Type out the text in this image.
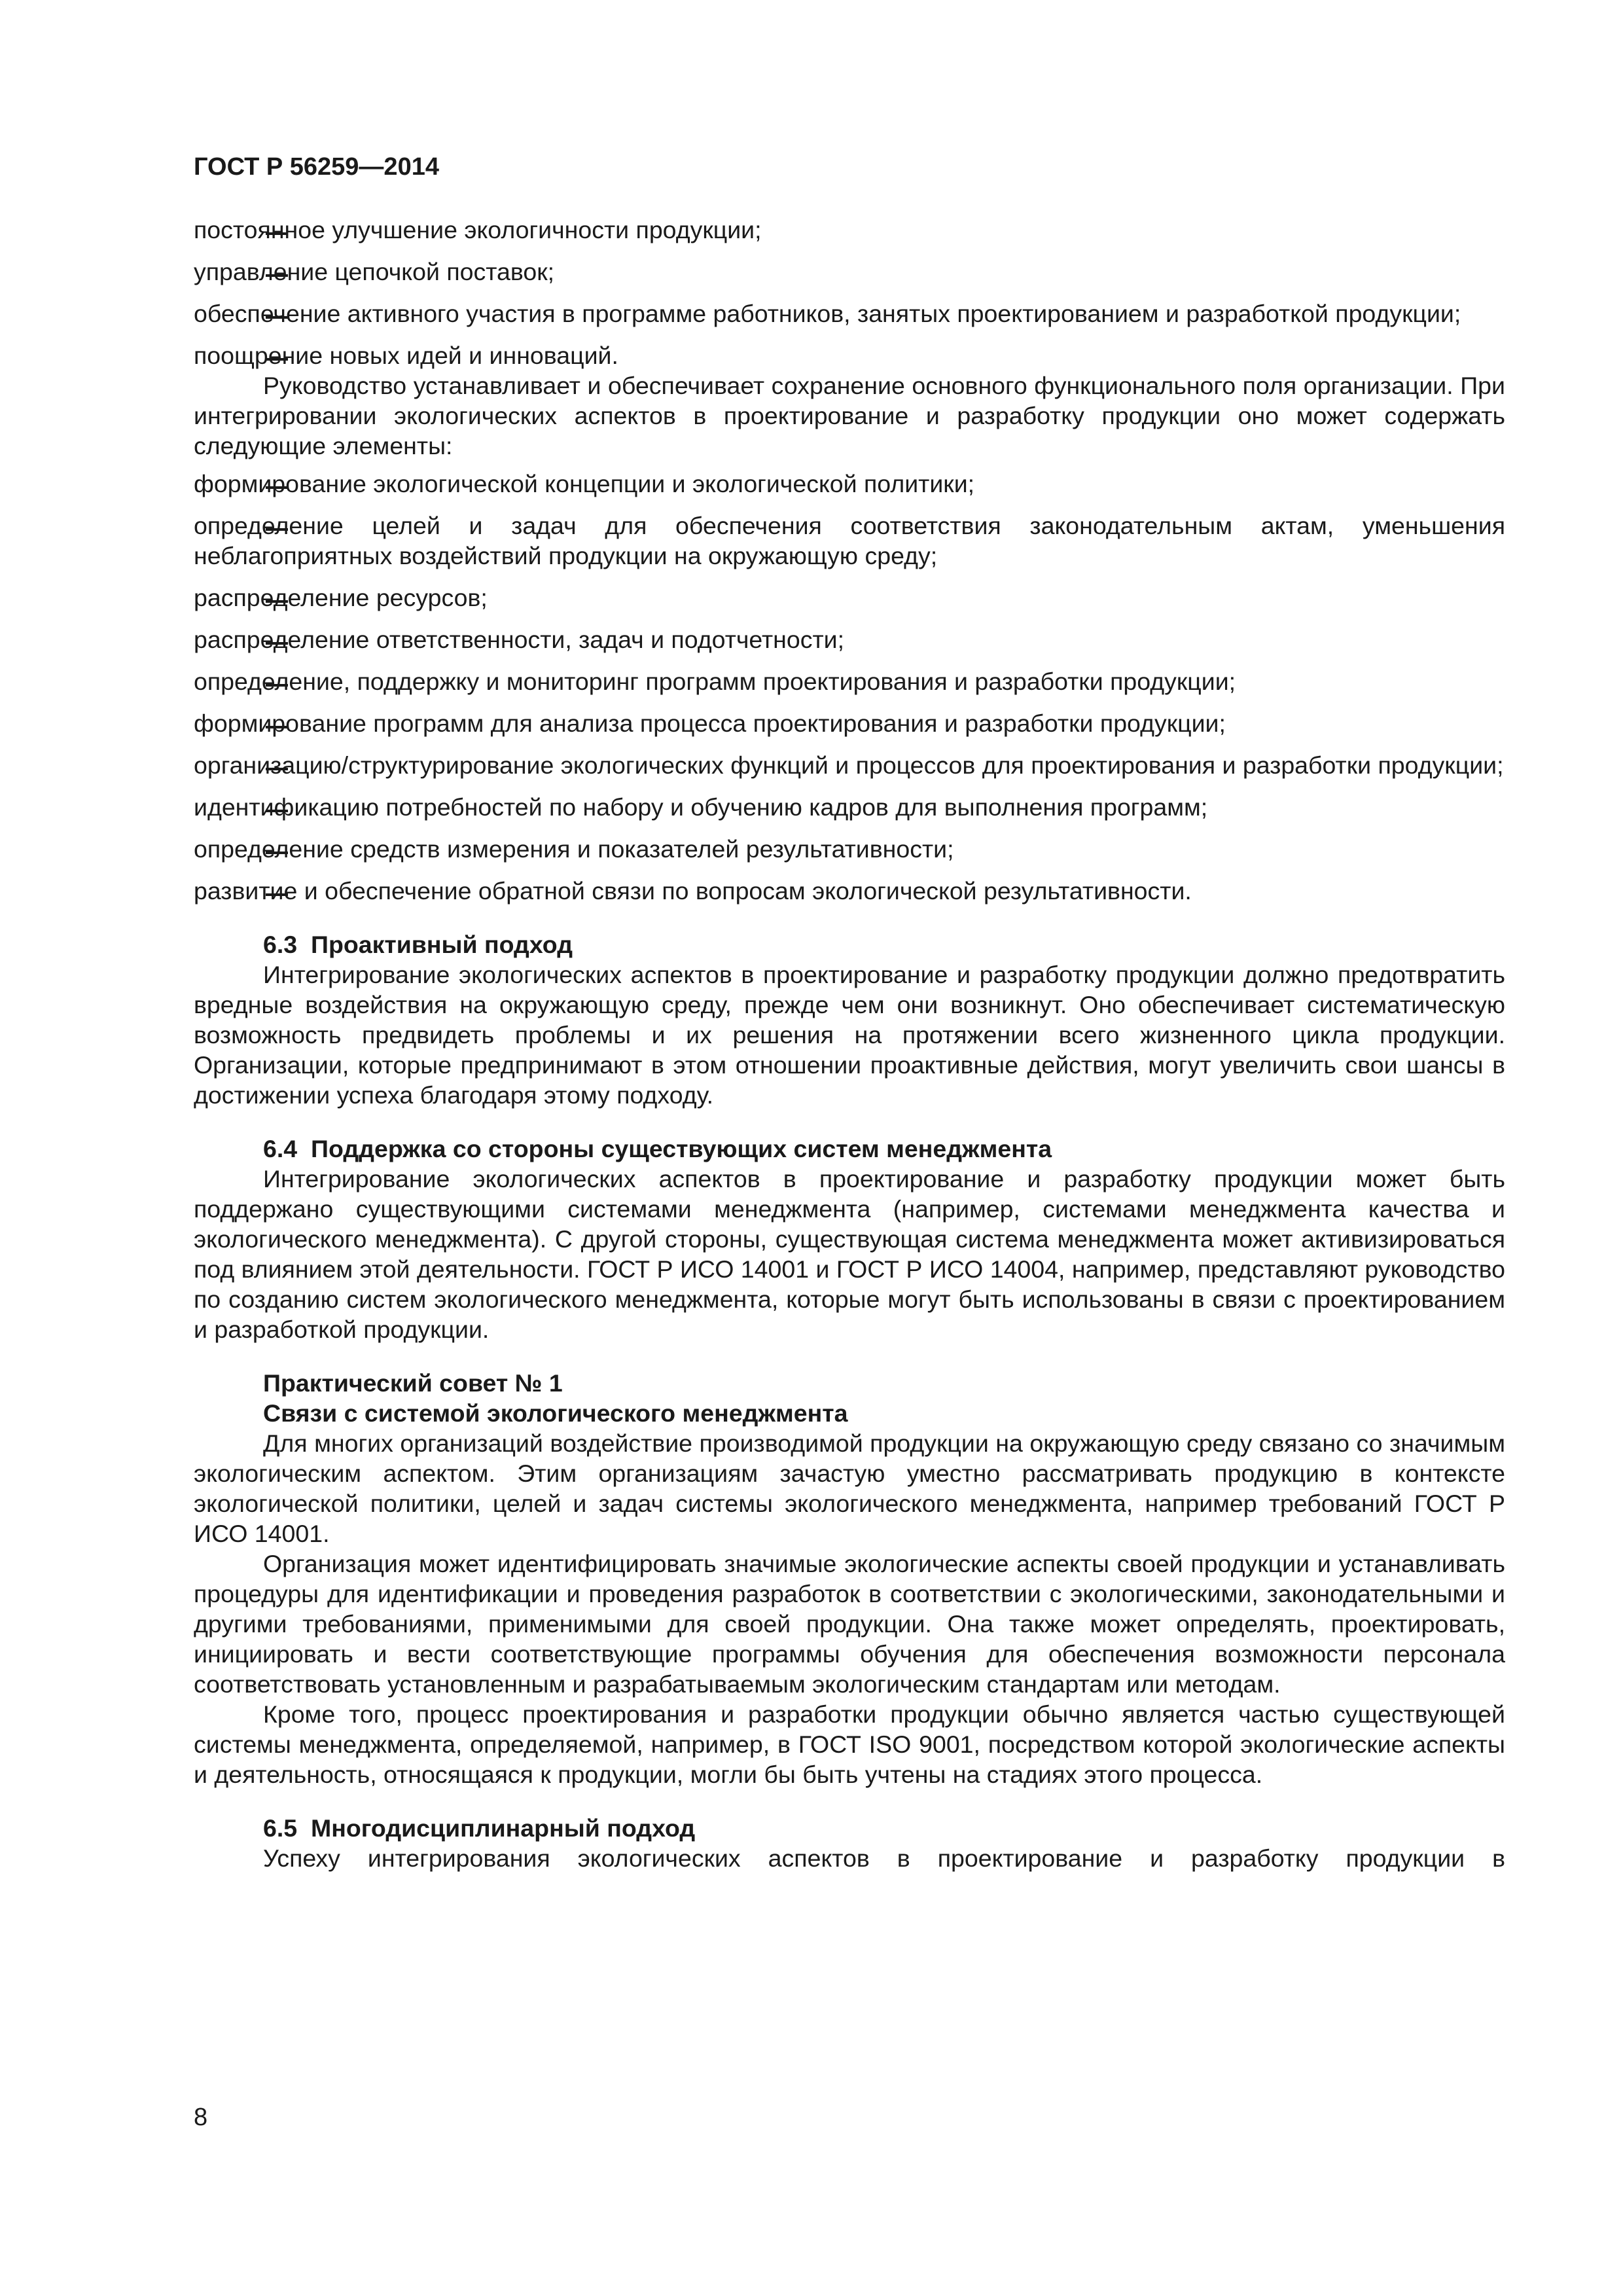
ГОСТ Р 56259—2014

постоянное улучшение экологичности продукции;

управление цепочкой поставок;

обеспечение активного участия в программе работников, занятых проектированием и разработкой продукции;

поощрение новых идей и инноваций.

Руководство устанавливает и обеспечивает сохранение основного функционального поля организации. При интегрировании экологических аспектов в проектирование и разработку продукции оно может содержать следующие элементы:

формирование экологической концепции и экологической политики;

определение целей и задач для обеспечения соответствия законодательным актам, уменьшения неблагоприятных воздействий продукции на окружающую среду;

распределение ресурсов;

распределение ответственности, задач и подотчетности;

определение, поддержку и мониторинг программ проектирования и разработки продукции;

формирование программ для анализа процесса проектирования и разработки продукции;

организацию/структурирование экологических функций и процессов для проектирования и разработки продукции;

идентификацию потребностей по набору и обучению кадров для выполнения программ;

определение средств измерения и показателей результативности;

развитие и обеспечение обратной связи по вопросам экологической результативности.

6.3 Проактивный подход

Интегрирование экологических аспектов в проектирование и разработку продукции должно предотвратить вредные воздействия на окружающую среду, прежде чем они возникнут. Оно обеспечивает систематическую возможность предвидеть проблемы и их решения на протяжении всего жизненного цикла продукции. Организации, которые предпринимают в этом отношении проактивные действия, могут увеличить свои шансы в достижении успеха благодаря этому подходу.

6.4 Поддержка со стороны существующих систем менеджмента

Интегрирование экологических аспектов в проектирование и разработку продукции может быть поддержано существующими системами менеджмента (например, системами менеджмента качества и экологического менеджмента). С другой стороны, существующая система менеджмента может активизироваться под влиянием этой деятельности. ГОСТ Р ИСО 14001 и ГОСТ Р ИСО 14004, например, представляют руководство по созданию систем экологического менеджмента, которые могут быть использованы в связи с проектированием и разработкой продукции.

Практический совет № 1

Связи с системой экологического менеджмента

Для многих организаций воздействие производимой продукции на окружающую среду связано со значимым экологическим аспектом. Этим организациям зачастую уместно рассматривать продукцию в контексте экологической политики, целей и задач системы экологического менеджмента, например требований ГОСТ Р ИСО 14001.

Организация может идентифицировать значимые экологические аспекты своей продукции и устанавливать процедуры для идентификации и проведения разработок в соответствии с экологическими, законодательными и другими требованиями, применимыми для своей продукции. Она также может определять, проектировать, инициировать и вести соответствующие программы обучения для обеспечения возможности персонала соответствовать установленным и разрабатываемым экологическим стандартам или методам.

Кроме того, процесс проектирования и разработки продукции обычно является частью существующей системы менеджмента, определяемой, например, в ГОСТ ISO 9001, посредством которой экологические аспекты и деятельность, относящаяся к продукции, могли бы быть учтены на стадиях этого процесса.

6.5 Многодисциплинарный подход

Успеху интегрирования экологических аспектов в проектирование и разработку продукции в

8
